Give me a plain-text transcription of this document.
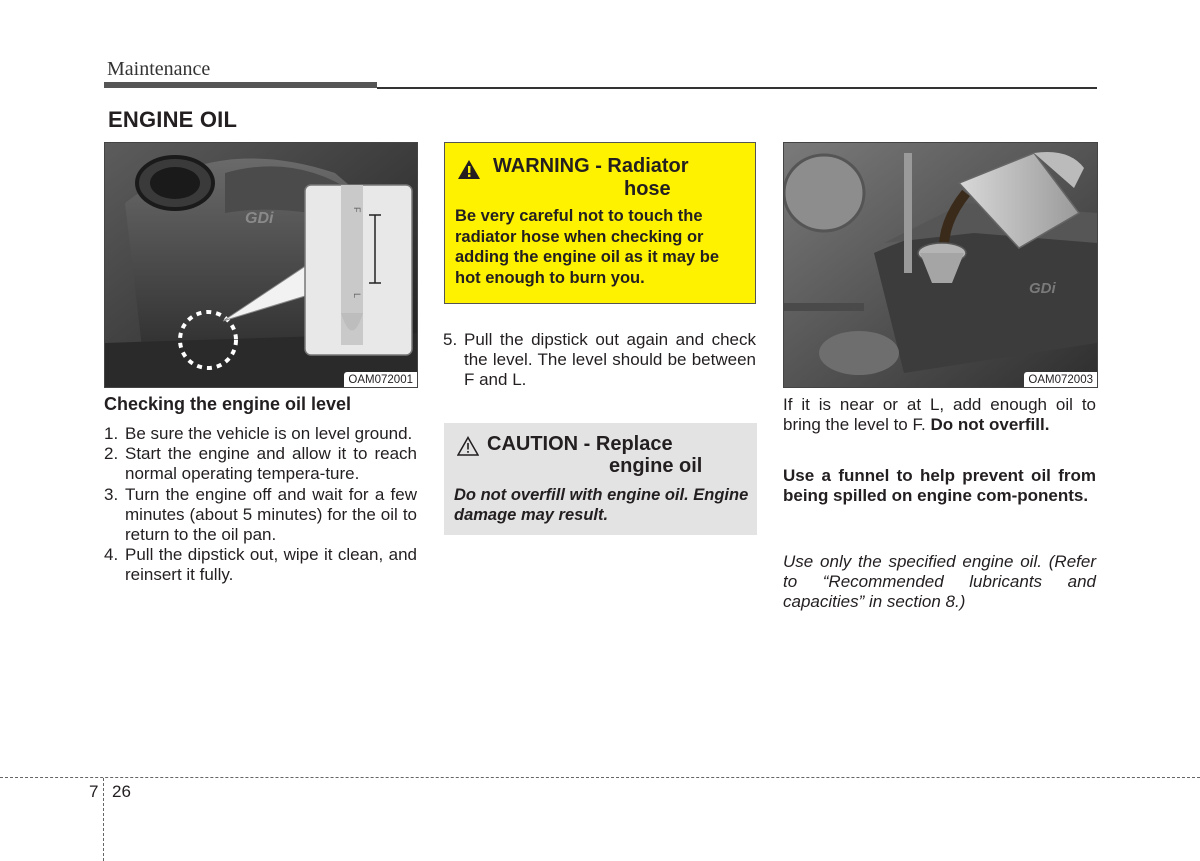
Maintenance
ENGINE OIL
GDi
F
L
OAM072001
WARNING - Radiator
hose
Be very careful not to touch the radiator hose when checking or adding the engine oil as it may be hot enough to burn you.
GDi
OAM072003
Checking the engine oil level
1. Be sure the vehicle is on level ground.
2. Start the engine and allow it to reach normal operating tempera-ture.
3. Turn the engine off and wait for a few minutes (about 5 minutes) for the oil to return to the oil pan.
4. Pull the dipstick out, wipe it clean, and reinsert it fully.
5. Pull the dipstick out again and check the level. The level should be between F and L.
CAUTION - Replace
engine oil
Do not overfill with engine oil. Engine damage may result.

If it is near or at L, add enough oil to bring the level to F. Do not overfill.

Use a funnel to help prevent oil from being spilled on engine com-ponents.

Use only the specified engine oil. (Refer to “Recommended lubricants and capacities” in section 8.)

7 26
